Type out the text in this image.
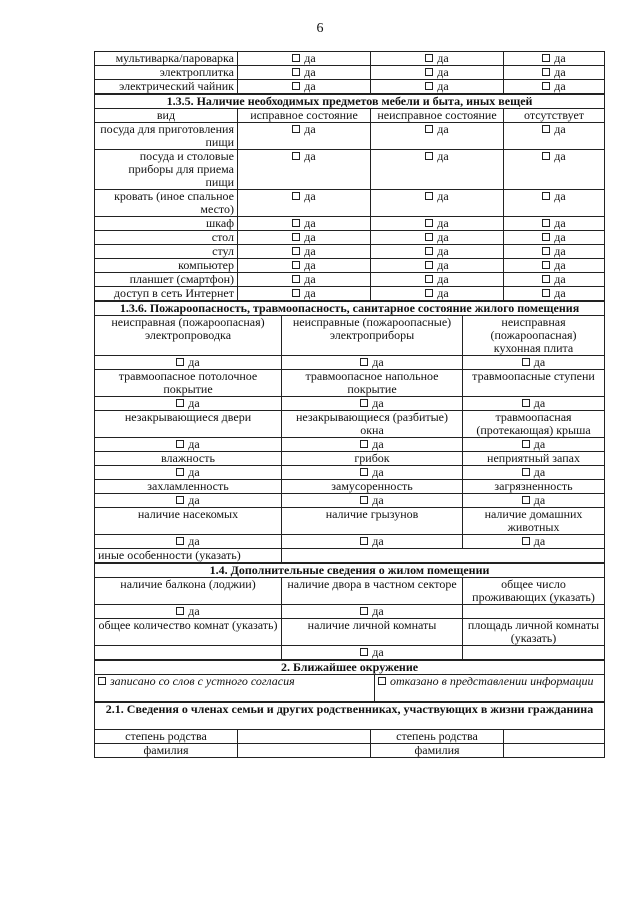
6
мультиварка/пароварка	да	да	да
электроплитка	да	да	да
электрический чайник	да	да	да
1.3.5. Наличие необходимых предметов мебели и быта, иных вещей			
вид	исправное состояние	неисправное состояние	отсутствует
посуда для приготовления пищи	да	да	да
посуда и столовые приборы для приема пищи	да	да	да
кровать (иное спальное место)	да	да	да
шкаф	да	да	да
стол	да	да	да
стул	да	да	да
компьютер	да	да	да
планшет (смартфон)	да	да	да
доступ в сеть Интернет	да	да	да
1.3.6. Пожароопасность, травмоопасность, санитарное состояние жилого помещения		
неисправная (пожароопасная) электропроводка	неисправные (пожароопасные) электроприборы	неисправная (пожароопасная) кухонная плита
да	да	да
травмоопасное потолочное покрытие	травмоопасное напольное покрытие	травмоопасные ступени
да	да	да
незакрывающиеся двери	незакрывающиеся (разбитые) окна	травмоопасная (протекающая) крыша
да	да	да
влажность	грибок	неприятный запах
да	да	да
захламленность	замусоренность	загрязненность
да	да	да
наличие насекомых	наличие грызунов	наличие домашних животных
да	да	да
иные особенности (указать)		
1.4. Дополнительные сведения о жилом помещении		
наличие балкона (лоджии)	наличие двора в частном секторе	общее число проживающих (указать)
да	да	
общее количество комнат (указать)	наличие личной комнаты	площадь личной комнаты (указать)
	да	
2. Ближайшее окружение
записано со слов с устного согласия	отказано в представлении информации
2.1. Сведения о членах семьи и других родственниках, участвующих в жизни гражданина			
степень родства		степень родства	
фамилия		фамилия	
